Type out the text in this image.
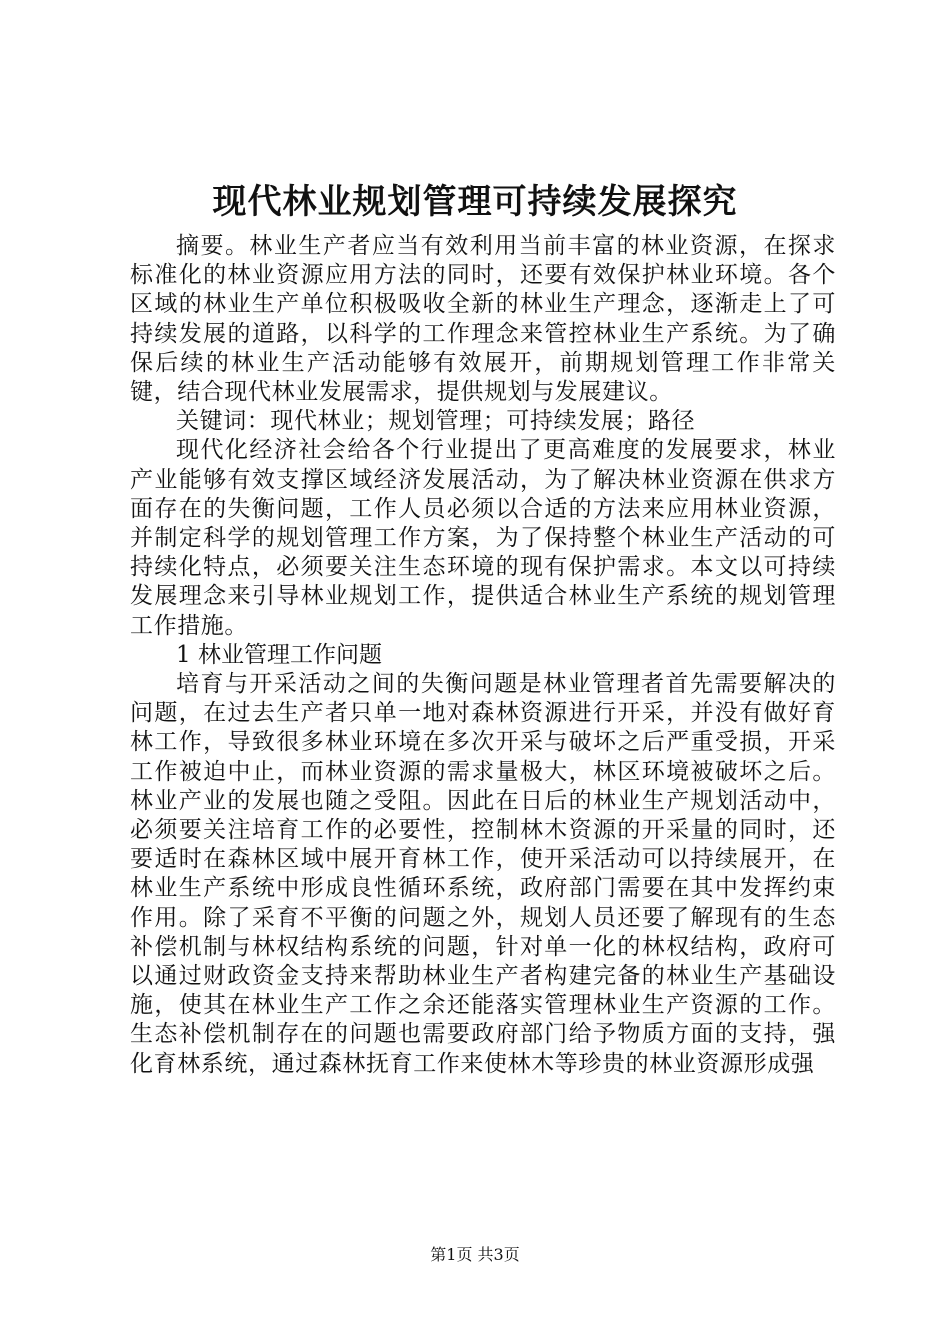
现代林业规划管理可持续发展探究

摘要。林业生产者应当有效利用当前丰富的林业资源，在探求标准化的林业资源应用方法的同时，还要有效保护林业环境。各个区域的林业生产单位积极吸收全新的林业生产理念，逐渐走上了可持续发展的道路，以科学的工作理念来管控林业生产系统。为了确保后续的林业生产活动能够有效展开，前期规划管理工作非常关键，结合现代林业发展需求，提供规划与发展建议。

关键词：现代林业；规划管理；可持续发展；路径

现代化经济社会给各个行业提出了更高难度的发展要求，林业产业能够有效支撑区域经济发展活动，为了解决林业资源在供求方面存在的失衡问题，工作人员必须以合适的方法来应用林业资源，并制定科学的规划管理工作方案，为了保持整个林业生产活动的可持续化特点，必须要关注生态环境的现有保护需求。本文以可持续发展理念来引导林业规划工作，提供适合林业生产系统的规划管理工作措施。

1 林业管理工作问题

培育与开采活动之间的失衡问题是林业管理者首先需要解决的问题，在过去生产者只单一地对森林资源进行开采，并没有做好育林工作，导致很多林业环境在多次开采与破坏之后严重受损，开采工作被迫中止，而林业资源的需求量极大，林区环境被破坏之后。林业产业的发展也随之受阻。因此在日后的林业生产规划活动中，必须要关注培育工作的必要性，控制林木资源的开采量的同时，还要适时在森林区域中展开育林工作，使开采活动可以持续展开，在林业生产系统中形成良性循环系统，政府部门需要在其中发挥约束作用。除了采育不平衡的问题之外，规划人员还要了解现有的生态补偿机制与林权结构系统的问题，针对单一化的林权结构，政府可以通过财政资金支持来帮助林业生产者构建完备的林业生产基础设施，使其在林业生产工作之余还能落实管理林业生产资源的工作。生态补偿机制存在的问题也需要政府部门给予物质方面的支持，强化育林系统，通过森林抚育工作来使林木等珍贵的林业资源形成强

第1页 共3页
